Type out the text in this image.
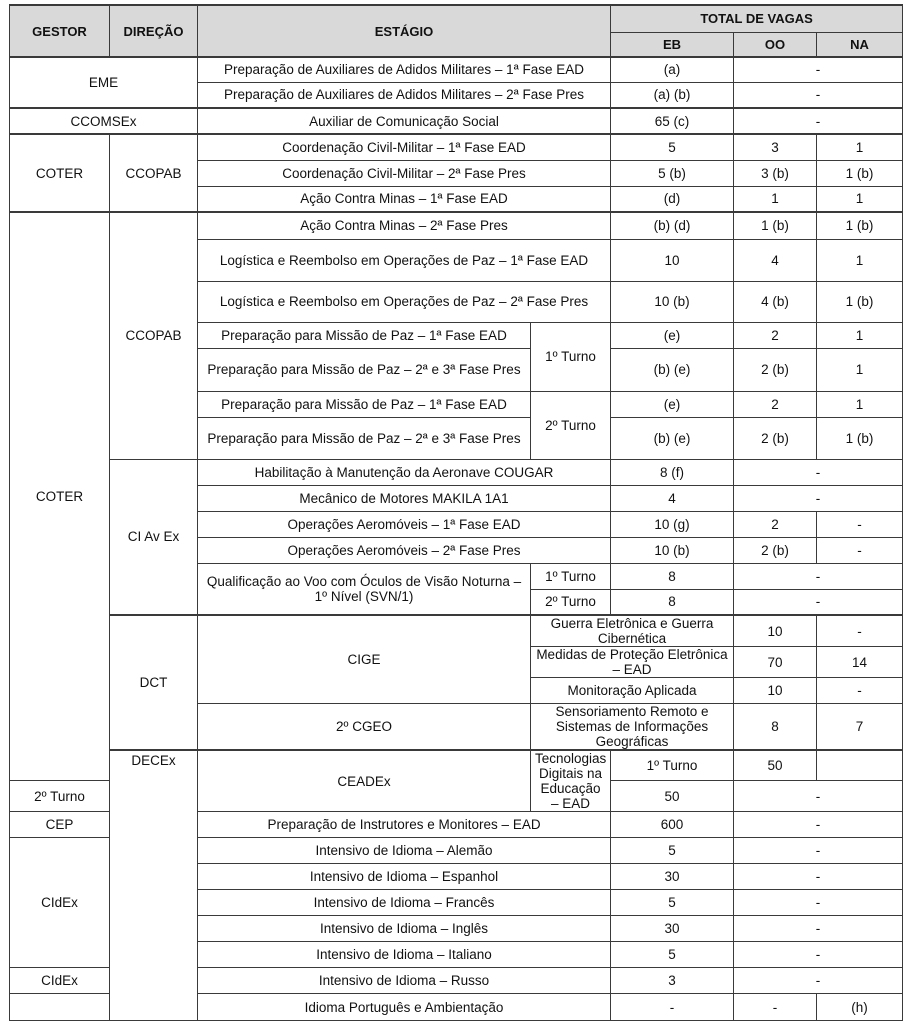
GESTOR	DIREÇÃO	ESTÁGIO		TOTAL DE VAGAS			
				EB	OO	NA	
EME		Preparação de Auxiliares de Adidos Militares – 1ª Fase EAD		(a)	-		
		Preparação de Auxiliares de Adidos Militares – 2ª Fase Pres		(a) (b)	-		
CCOMSEx		Auxiliar de Comunicação Social		65 (c)	-		
COTER	CCOPAB	Coordenação Civil-Militar – 1ª Fase EAD		5	3	1	
		Coordenação Civil-Militar – 2ª Fase Pres		5 (b)	3 (b)	1 (b)	
		Ação Contra Minas – 1ª Fase EAD		(d)	1	1	
COTER	CCOPAB	Ação Contra Minas – 2ª Fase Pres		(b) (d)	1 (b)	1 (b)	
		Logística e Reembolso em Operações de Paz – 1ª Fase EAD		10	4	1	
		Logística e Reembolso em Operações de Paz – 2ª Fase Pres		10 (b)	4 (b)	1 (b)	
		Preparação para Missão de Paz – 1ª Fase EAD	1º Turno	(e)	2	1	
		Preparação para Missão de Paz – 2ª e 3ª Fase Pres		(b) (e)	2 (b)	1	
		Preparação para Missão de Paz – 1ª Fase EAD	2º Turno	(e)	2	1	
		Preparação para Missão de Paz – 2ª e 3ª Fase Pres		(b) (e)	2 (b)	1 (b)	
	CI Av Ex	Habilitação à Manutenção da Aeronave COUGAR		8 (f)	-		
		Mecânico de Motores MAKILA 1A1		4	-		
		Operações Aeromóveis – 1ª Fase EAD		10 (g)	2	-	
		Operações Aeromóveis – 2ª Fase Pres		10 (b)	2 (b)	-	
		Qualificação ao Voo com Óculos de Visão Noturna – 1º Nível (SVN/1)	1º Turno	8	-		
			2º Turno	8	-		
	DCT	CIGE	Guerra Eletrônica e Guerra Cibernética		10	-	
			Medidas de Proteção Eletrônica – EAD		70	14	
			Monitoração Aplicada		10	-	
		2º CGEO	Sensoriamento Remoto e Sistemas de Informações Geográficas		8	7	
	DECEx	CEADEx	Tecnologias Digitais na Educação – EAD	1º Turno	50		
2º Turno				50	-		
CEP		Preparação de Instrutores e Monitores – EAD		600	-		
CIdEx		Intensivo de Idioma – Alemão		5	-		
		Intensivo de Idioma – Espanhol		30	-		
		Intensivo de Idioma – Francês		5	-		
		Intensivo de Idioma – Inglês		30	-		
		Intensivo de Idioma – Italiano		5	-		
CIdEx		Intensivo de Idioma – Russo		3	-		
		Idioma Português e Ambientação		-	-	(h)	
